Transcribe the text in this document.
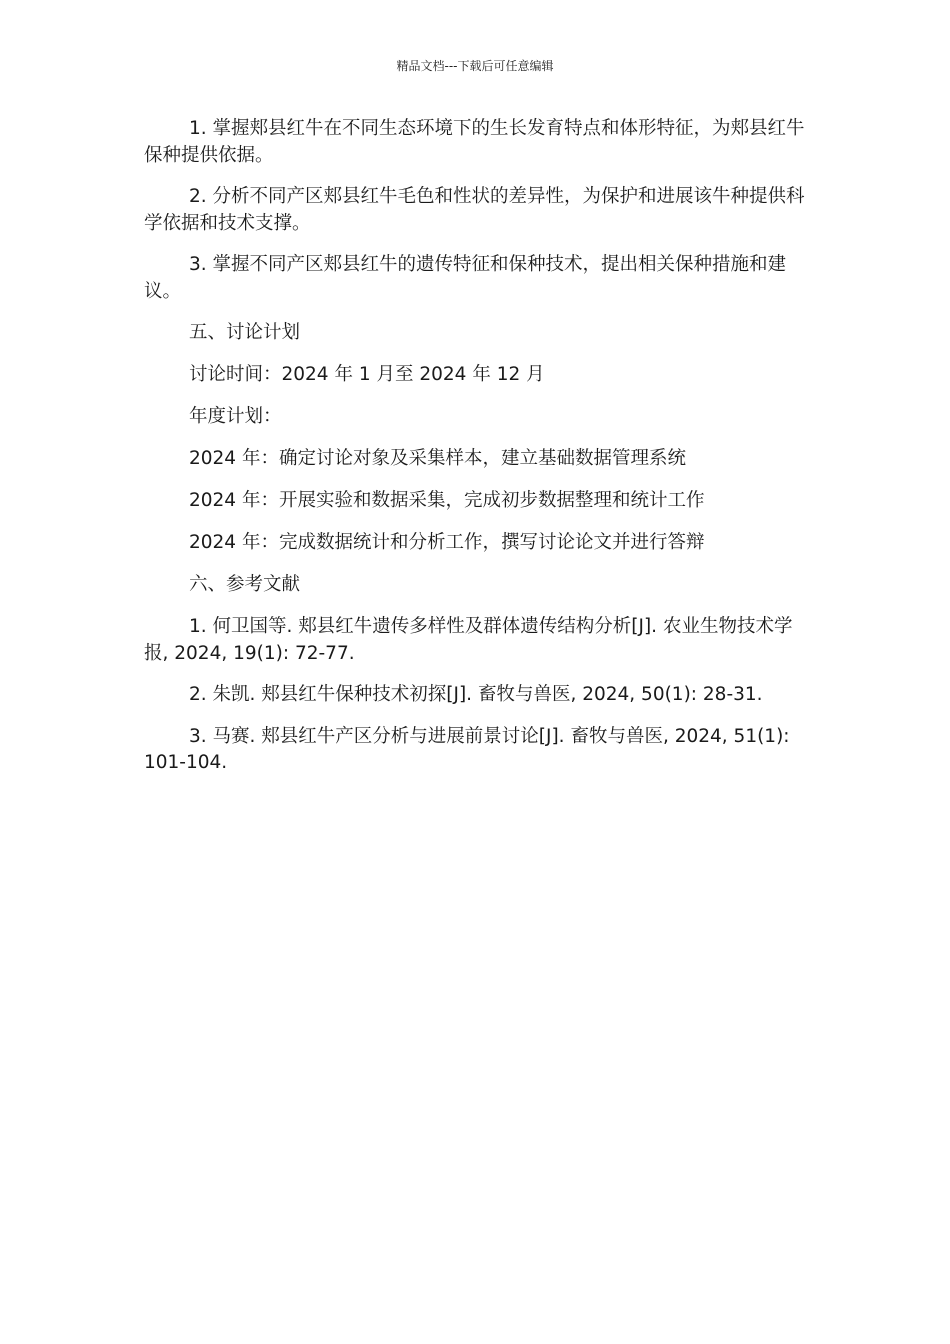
精品文档---下载后可任意编辑

1. 掌握郏县红牛在不同生态环境下的生长发育特点和体形特征，为郏县红牛保种提供依据。

2. 分析不同产区郏县红牛毛色和性状的差异性，为保护和进展该牛种提供科学依据和技术支撑。

3. 掌握不同产区郏县红牛的遗传特征和保种技术，提出相关保种措施和建议。

五、讨论计划

讨论时间：2024 年 1 月至 2024 年 12 月

年度计划：

2024 年：确定讨论对象及采集样本，建立基础数据管理系统

2024 年：开展实验和数据采集，完成初步数据整理和统计工作

2024 年：完成数据统计和分析工作，撰写讨论论文并进行答辩

六、参考文献

1. 何卫国等. 郏县红牛遗传多样性及群体遗传结构分析[J]. 农业生物技术学报, 2024, 19(1): 72-77.

2. 朱凯. 郏县红牛保种技术初探[J]. 畜牧与兽医, 2024, 50(1): 28-31.

3. 马赛. 郏县红牛产区分析与进展前景讨论[J]. 畜牧与兽医, 2024, 51(1): 101-104.
